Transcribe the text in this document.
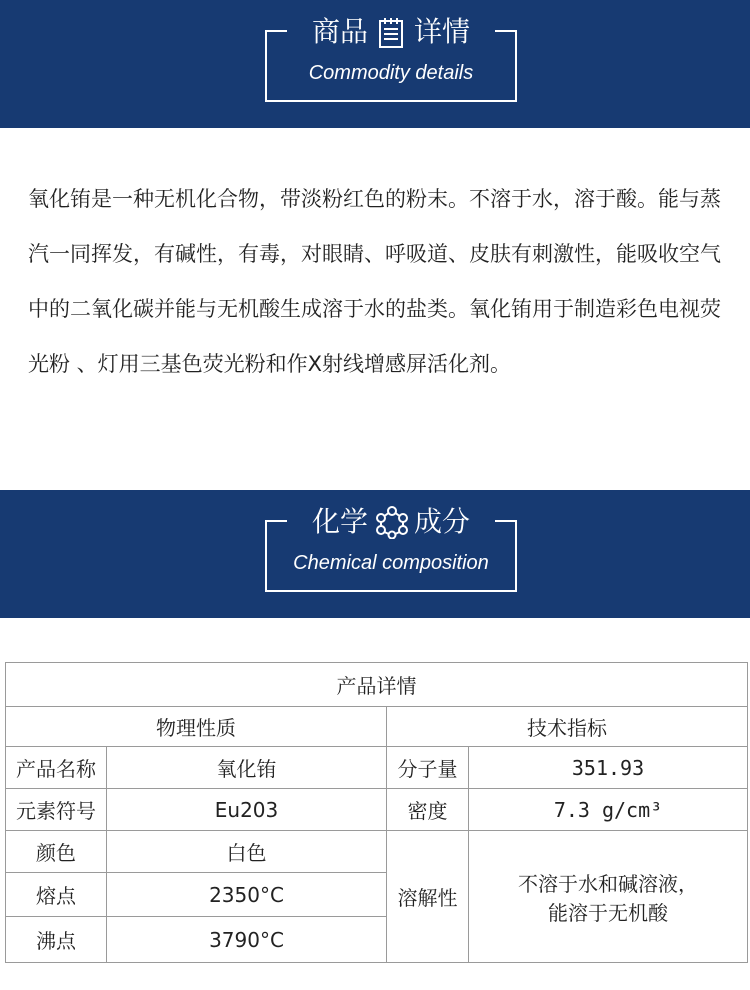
商品 详情
Commodity details
氧化铕是一种无机化合物，带淡粉红色的粉末。不溶于水，溶于酸。能与蒸汽一同挥发，有碱性，有毒，对眼睛、呼吸道、皮肤有刺激性，能吸收空气中的二氧化碳并能与无机酸生成溶于水的盐类。氧化铕用于制造彩色电视荧光粉 、灯用三基色荧光粉和作X射线增感屏活化剂。
化学 成分
Chemical composition
产品详情			
物理性质		技术指标	
产品名称	氧化铕	分子量	351.93
元素符号	Eu203	密度	7.3 g/cm³
颜色	白色	溶解性	不溶于水和碱溶液，
能溶于无机酸

熔点	2350°C		
沸点	3790°C		
